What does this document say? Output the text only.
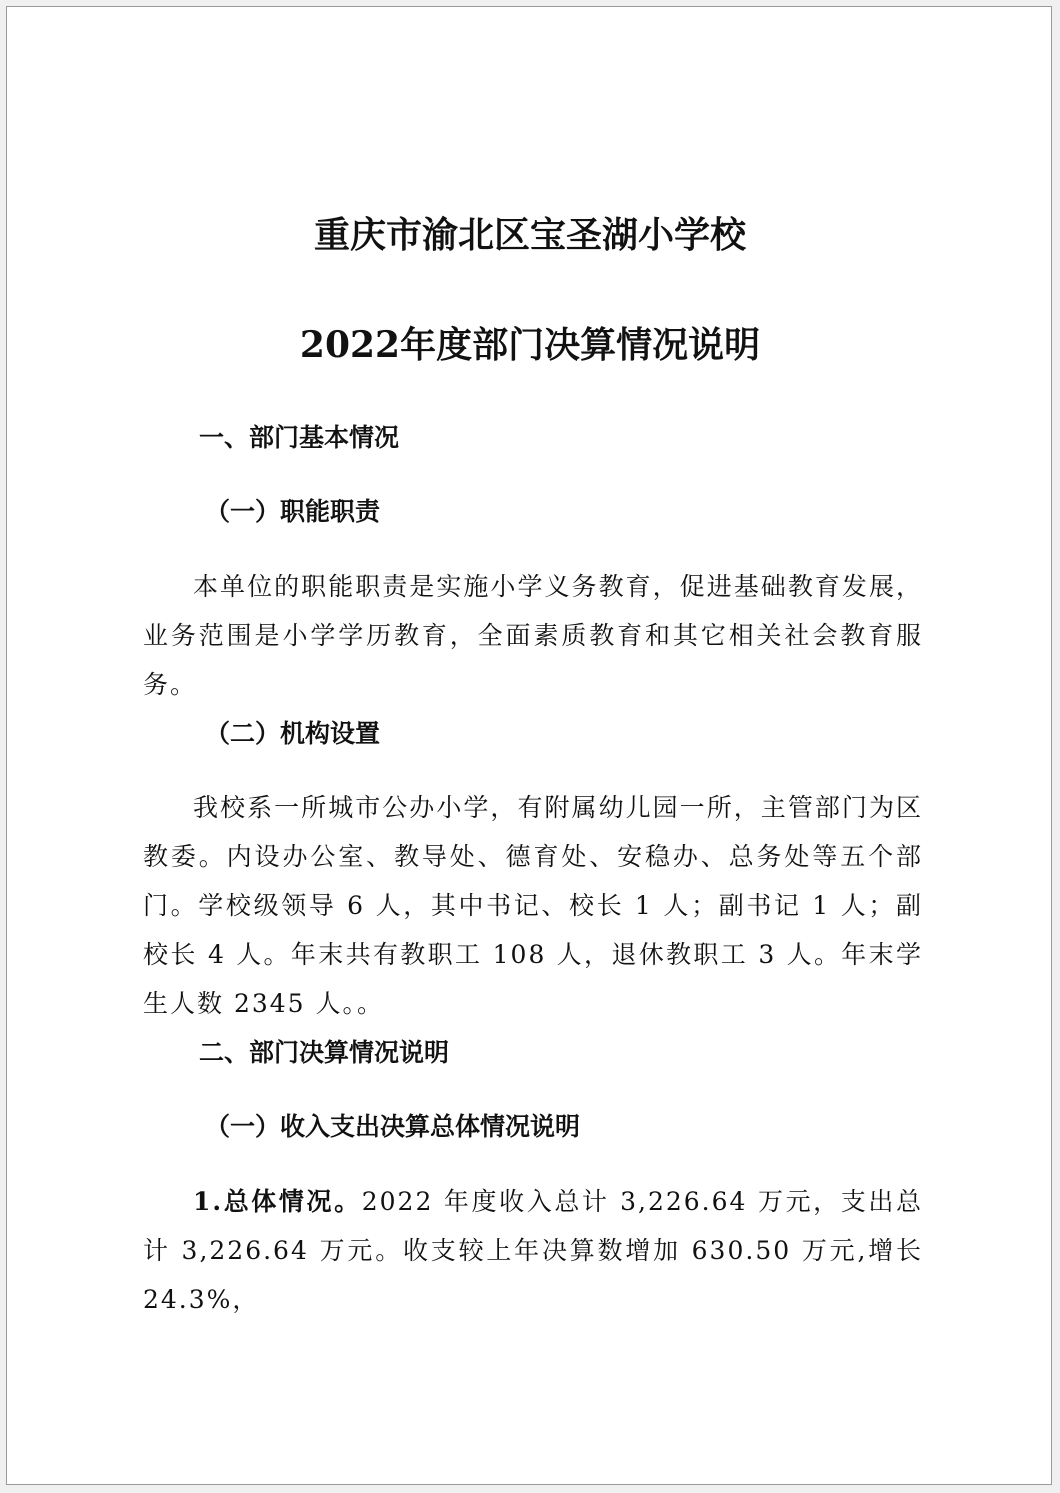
重庆市渝北区宝圣湖小学校
2022年度部门决算情况说明
一、部门基本情况
（一）职能职责

本单位的职能职责是实施小学义务教育，促进基础教育发展，业务范围是小学学历教育，全面素质教育和其它相关社会教育服务。

（二）机构设置

我校系一所城市公办小学，有附属幼儿园一所，主管部门为区教委。内设办公室、教导处、德育处、安稳办、总务处等五个部门。学校级领导 6 人，其中书记、校长 1 人；副书记 1 人；副校长 4 人。年末共有教职工 108 人，退休教职工 3 人。年末学生人数 2345 人。。

二、部门决算情况说明
（一）收入支出决算总体情况说明

1.总体情况。2022 年度收入总计 3,226.64 万元，支出总计 3,226.64 万元。收支较上年决算数增加 630.50 万元,增长 24.3%，
